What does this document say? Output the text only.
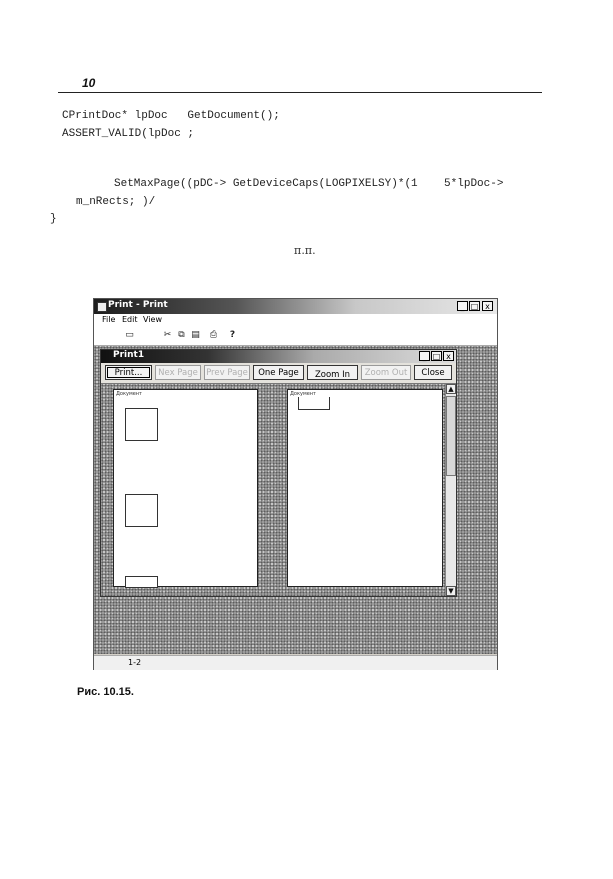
10
CPrintDoc* lpDoc   GetDocument();
ASSERT_VALID(lpDoc ;
SetMaxPage((pDC-> GetDeviceCaps(LOGPIXELSY)*(1    5*lpDoc->
m_nRects; )/
}
п.п.
Print - Print	_ □ x
File Edit View
▭	✂ ⧉ ▤ ⎙	?
Print1	_ □ x
Print...	Nex Page Prev Page	One Page	Zoom In	Zoom Out	Close
Документ	Документ
▲
▼
1-2
Рис. 10.15.
